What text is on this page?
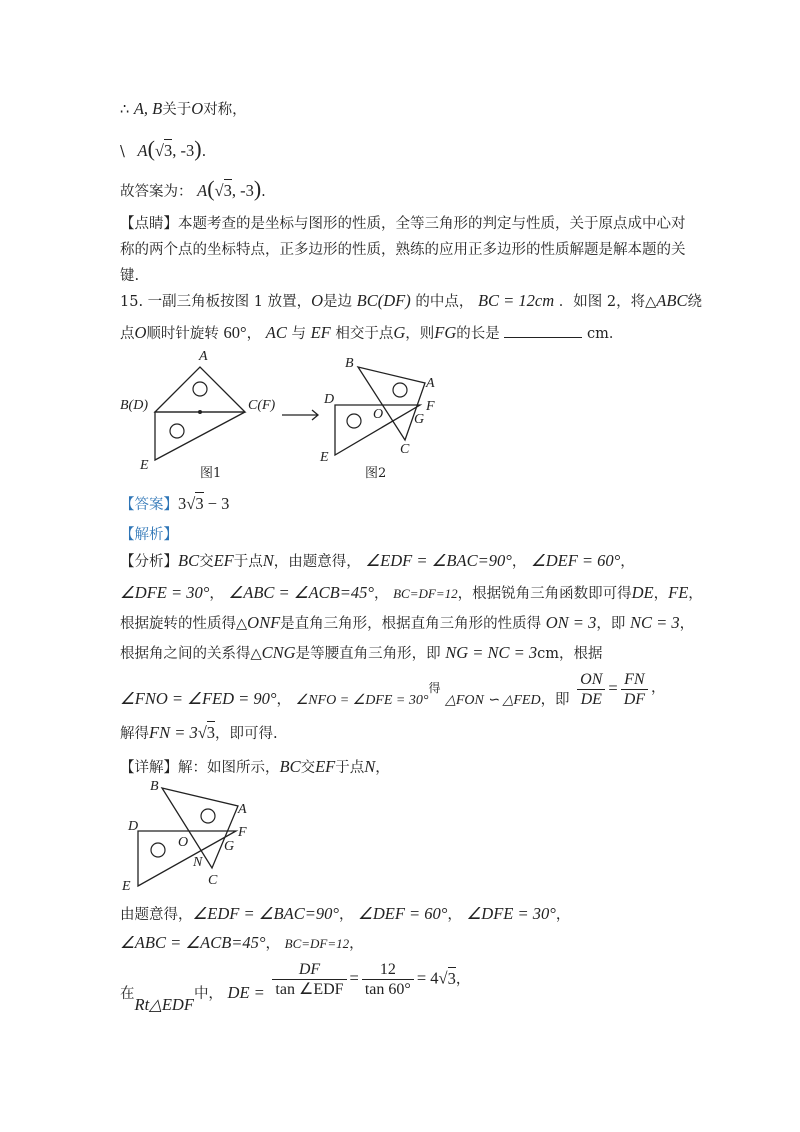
∴ A, B关于O对称，
\ A(√3, -3).
故答案为： A(√3, -3).
【点睛】本题考查的是坐标与图形的性质，全等三角形的判定与性质，关于原点成中心对
称的两个点的坐标特点，正多边形的性质，熟练的应用正多边形的性质解题是解本题的关
键.
15. 一副三角板按图 1 放置，O是边 BC(DF) 的中点， BC = 12cm ．如图 2，将△ABC绕
点O顺时针旋转 60°， AC 与 EF 相交于点G，则FG的长是	cm．
A
B(D)	C(F)
E
图1
B
A
D
O
F
G
C
E
图2
【答案】3√3 − 3
【解析】
【分析】BC交EF于点N，由题意得， ∠EDF = ∠BAC=90°， ∠DEF = 60°，
∠DFE = 30°， ∠ABC = ∠ACB=45°， BC=DF=12，根据锐角三角函数即可得DE，FE，
根据旋转的性质得△ONF是直角三角形，根据直角三角形的性质得 ON = 3，即 NC = 3，
根据角之间的关系得△CNG是等腰直角三角形，即 NG = NC = 3cm，根据
∠FNO = ∠FED = 90°， ∠NFO = ∠DFE = 30°得 △FON ∽ △FED，即 $\frac{ON}{DE} = \frac{FN}{DF}$ ，
解得FN = 3√3，即可得.
【详解】解：如图所示，BC交EF于点N，
B
A
D
O
F
G
N
C
E
由题意得，∠EDF = ∠BAC=90°， ∠DEF = 60°， ∠DFE = 30°，
∠ABC = ∠ACB=45°， BC=DF=12，
在Rt△EDF中， DE = $\frac{DF}{\text{tan ∠EDF}} = \frac{12}{\tan 60^\circ} = 4√3$，
